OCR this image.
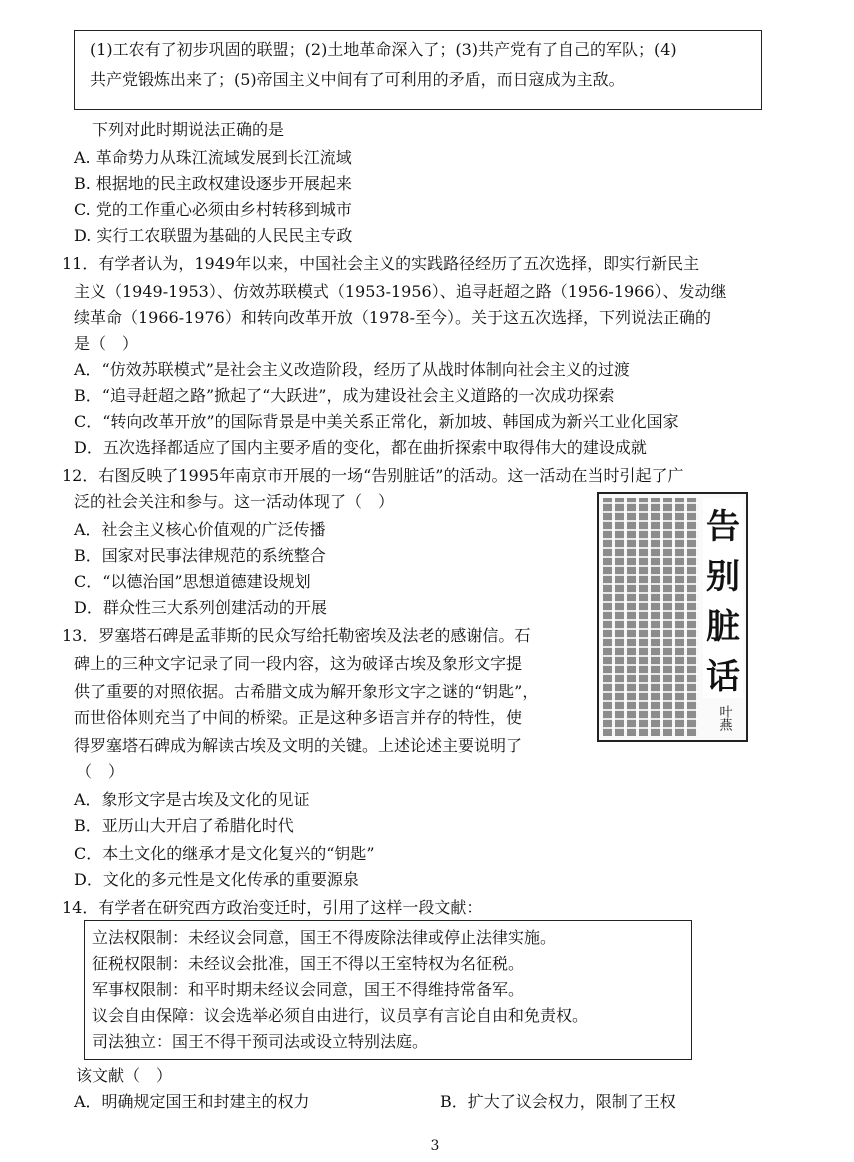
(1)工农有了初步巩固的联盟；(2)土地革命深入了；(3)共产党有了自己的军队；(4)
共产党锻炼出来了；(5)帝国主义中间有了可利用的矛盾，而日寇成为主敌。
下列对此时期说法正确的是
A. 革命势力从珠江流域发展到长江流域
B. 根据地的民主政权建设逐步开展起来
C. 党的工作重心必须由乡村转移到城市
D. 实行工农联盟为基础的人民民主专政
11．有学者认为，1949年以来，中国社会主义的实践路径经历了五次选择，即实行新民主
主义（1949-1953）、仿效苏联模式（1953-1956）、追寻赶超之路（1956-1966）、发动继
续革命（1966-1976）和转向改革开放（1978-至今）。关于这五次选择，下列说法正确的
是（　）
A．“仿效苏联模式”是社会主义改造阶段，经历了从战时体制向社会主义的过渡
B．“追寻赶超之路”掀起了“大跃进”，成为建设社会主义道路的一次成功探索
C．“转向改革开放”的国际背景是中美关系正常化，新加坡、韩国成为新兴工业化国家
D．五次选择都适应了国内主要矛盾的变化，都在曲折探索中取得伟大的建设成就
12．右图反映了1995年南京市开展的一场“告别脏话”的活动。这一活动在当时引起了广
泛的社会关注和参与。这一活动体现了（　）
A．社会主义核心价值观的广泛传播
B．国家对民事法律规范的系统整合
C．“以德治国”思想道德建设规划
D．群众性三大系列创建活动的开展
告
别
脏
话
叶燕
13．罗塞塔石碑是孟菲斯的民众写给托勒密埃及法老的感谢信。石
碑上的三种文字记录了同一段内容，这为破译古埃及象形文字提
供了重要的对照依据。古希腊文成为解开象形文字之谜的“钥匙”，
而世俗体则充当了中间的桥梁。正是这种多语言并存的特性，使
得罗塞塔石碑成为解读古埃及文明的关键。上述论述主要说明了
（　）
A．象形文字是古埃及文化的见证
B．亚历山大开启了希腊化时代
C．本土文化的继承才是文化复兴的“钥匙”
D．文化的多元性是文化传承的重要源泉
14．有学者在研究西方政治变迁时，引用了这样一段文献：
立法权限制：未经议会同意，国王不得废除法律或停止法律实施。
征税权限制：未经议会批准，国王不得以王室特权为名征税。
军事权限制：和平时期未经议会同意，国王不得维持常备军。
议会自由保障：议会选举必须自由进行，议员享有言论自由和免责权。
司法独立：国王不得干预司法或设立特别法庭。
该文献（　）
A．明确规定国王和封建主的权力	B．扩大了议会权力，限制了王权
3
